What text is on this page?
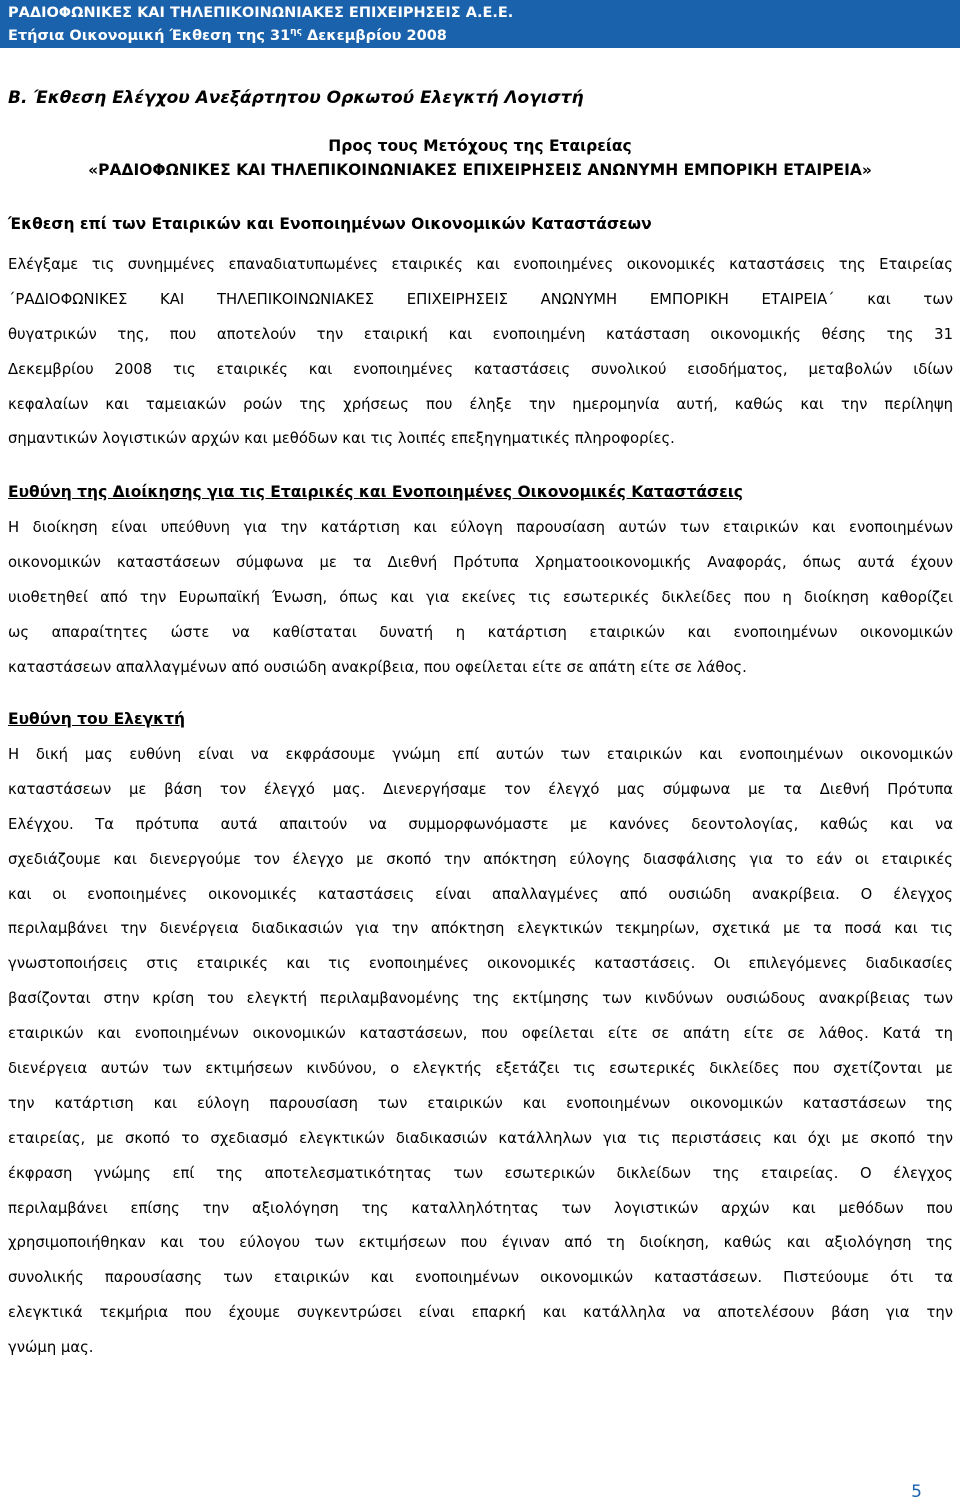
ΡΑΔΙΟΦΩΝΙΚΕΣ ΚΑΙ ΤΗΛΕΠΙΚΟΙΝΩΝΙΑΚΕΣ ΕΠΙΧΕΙΡΗΣΕΙΣ Α.Ε.Ε.
Ετήσια Οικονομική Έκθεση της $31^{\eta\varsigma}$ Δεκεμβρίου 2008
Β. Έκθεση Ελέγχου Ανεξάρτητου Ορκωτού Ελεγκτή Λογιστή
Προς τους Μετόχους της Εταιρείας
«ΡΑΔΙΟΦΩΝΙΚΕΣ ΚΑΙ ΤΗΛΕΠΙΚΟΙΝΩΝΙΑΚΕΣ ΕΠΙΧΕΙΡΗΣΕΙΣ ΑΝΩΝΥΜΗ ΕΜΠΟΡΙΚΗ ΕΤΑΙΡΕΙΑ»
Έκθεση επί των Εταιρικών και Ενοποιημένων Οικονομικών Καταστάσεων
Ελέγξαμε τις συνημμένες επαναδιατυπωμένες εταιρικές και ενοποιημένες οικονομικές καταστάσεις της Εταιρείας
΄ΡΑΔΙΟΦΩΝΙΚΕΣ ΚΑΙ ΤΗΛΕΠΙΚΟΙΝΩΝΙΑΚΕΣ ΕΠΙΧΕΙΡΗΣΕΙΣ ΑΝΩΝΥΜΗ ΕΜΠΟΡΙΚΗ ΕΤΑΙΡΕΙΑ΄ και των
θυγατρικών της, που αποτελούν την εταιρική και ενοποιημένη κατάσταση οικονομικής θέσης της 31
Δεκεμβρίου 2008 τις εταιρικές και ενοποιημένες καταστάσεις συνολικού εισοδήματος, μεταβολών ιδίων
κεφαλαίων και ταμειακών ροών της χρήσεως που έληξε την ημερομηνία αυτή, καθώς και την περίληψη
σημαντικών λογιστικών αρχών και μεθόδων και τις λοιπές επεξηγηματικές πληροφορίες.
Ευθύνη της Διοίκησης για τις Εταιρικές και Ενοποιημένες Οικονομικές Καταστάσεις
Η διοίκηση είναι υπεύθυνη για την κατάρτιση και εύλογη παρουσίαση αυτών των εταιρικών και ενοποιημένων
οικονομικών καταστάσεων σύμφωνα με τα Διεθνή Πρότυπα Χρηματοοικονομικής Αναφοράς, όπως αυτά έχουν
υιοθετηθεί από την Ευρωπαϊκή Ένωση, όπως και για εκείνες τις εσωτερικές δικλείδες που η διοίκηση καθορίζει
ως απαραίτητες ώστε να καθίσταται δυνατή η κατάρτιση εταιρικών και ενοποιημένων οικονομικών
καταστάσεων απαλλαγμένων από ουσιώδη ανακρίβεια, που οφείλεται είτε σε απάτη είτε σε λάθος.
Ευθύνη του Ελεγκτή
Η δική μας ευθύνη είναι να εκφράσουμε γνώμη επί αυτών των εταιρικών και ενοποιημένων οικονομικών
καταστάσεων με βάση τον έλεγχό μας. Διενεργήσαμε τον έλεγχό μας σύμφωνα με τα Διεθνή Πρότυπα
Ελέγχου. Τα πρότυπα αυτά απαιτούν να συμμορφωνόμαστε με κανόνες δεοντολογίας, καθώς και να
σχεδιάζουμε και διενεργούμε τον έλεγχο με σκοπό την απόκτηση εύλογης διασφάλισης για το εάν οι εταιρικές
και οι ενοποιημένες οικονομικές καταστάσεις είναι απαλλαγμένες από ουσιώδη ανακρίβεια. Ο έλεγχος
περιλαμβάνει την διενέργεια διαδικασιών για την απόκτηση ελεγκτικών τεκμηρίων, σχετικά με τα ποσά και τις
γνωστοποιήσεις στις εταιρικές και τις ενοποιημένες οικονομικές καταστάσεις. Οι επιλεγόμενες διαδικασίες
βασίζονται στην κρίση του ελεγκτή περιλαμβανομένης της εκτίμησης των κινδύνων ουσιώδους ανακρίβειας των
εταιρικών και ενοποιημένων οικονομικών καταστάσεων, που οφείλεται είτε σε απάτη είτε σε λάθος. Κατά τη
διενέργεια αυτών των εκτιμήσεων κινδύνου, ο ελεγκτής εξετάζει τις εσωτερικές δικλείδες που σχετίζονται με
την κατάρτιση και εύλογη παρουσίαση των εταιρικών και ενοποιημένων οικονομικών καταστάσεων της
εταιρείας, με σκοπό το σχεδιασμό ελεγκτικών διαδικασιών κατάλληλων για τις περιστάσεις και όχι με σκοπό την
έκφραση γνώμης επί της αποτελεσματικότητας των εσωτερικών δικλείδων της εταιρείας. Ο έλεγχος
περιλαμβάνει επίσης την αξιολόγηση της καταλληλότητας των λογιστικών αρχών και μεθόδων που
χρησιμοποιήθηκαν και του εύλογου των εκτιμήσεων που έγιναν από τη διοίκηση, καθώς και αξιολόγηση της
συνολικής παρουσίασης των εταιρικών και ενοποιημένων οικονομικών καταστάσεων. Πιστεύουμε ότι τα
ελεγκτικά τεκμήρια που έχουμε συγκεντρώσει είναι επαρκή και κατάλληλα να αποτελέσουν βάση για την
γνώμη μας.
5
